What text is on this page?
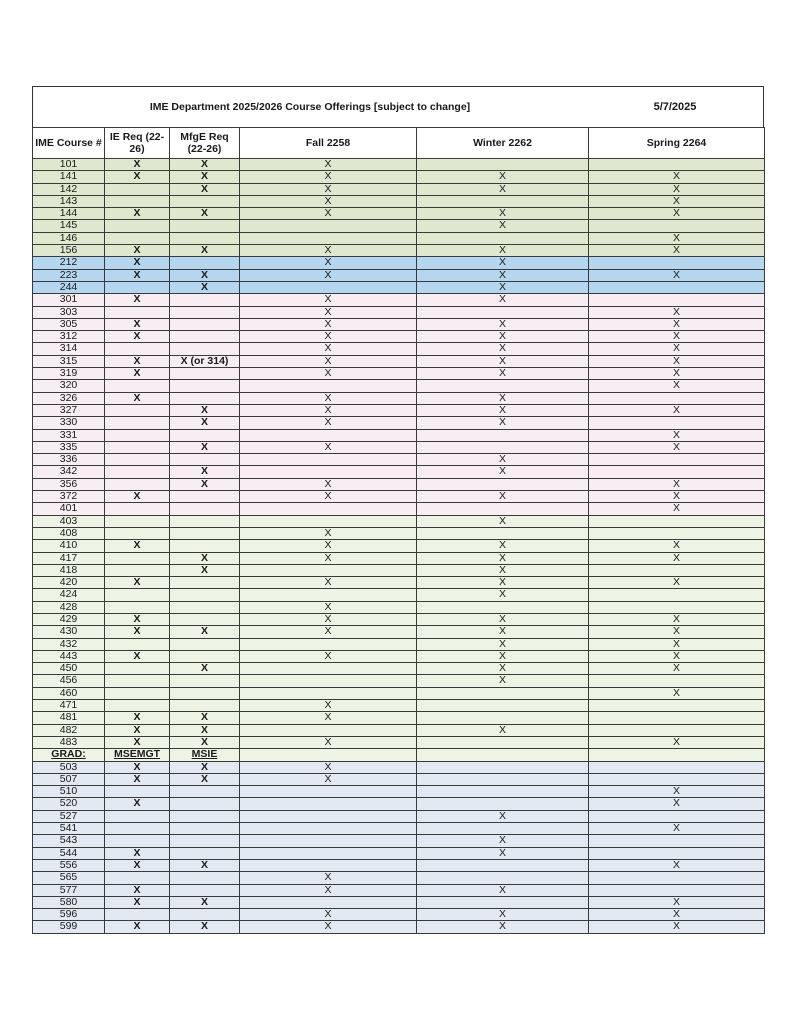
IME Department 2025/2026 Course Offerings [subject to change]	5/7/2025
IME Course #	IE Req (22-26)	MfgE Req (22-26)	Fall 2258	Winter 2262	Spring 2264
101	X	X	X		
141	X	X	X	X	X
142		X	X	X	X
143			X		X
144	X	X	X	X	X
145				X	
146					X
156	X	X	X	X	X
212	X		X	X	
223	X	X	X	X	X
244		X		X	
301	X		X	X	
303			X		X
305	X		X	X	X
312	X		X	X	X
314			X	X	X
315	X	X (or 314)	X	X	X
319	X		X	X	X
320					X
326	X		X	X	
327		X	X	X	X
330		X	X	X	
331					X
335		X	X		X
336				X	
342		X		X	
356		X	X		X
372	X		X	X	X
401					X
403				X	
408			X		
410	X		X	X	X
417		X	X	X	X
418		X		X	
420	X		X	X	X
424				X	
428			X		
429	X		X	X	X
430	X	X	X	X	X
432				X	X
443	X		X	X	X
450		X		X	X
456				X	
460					X
471			X		
481	X	X	X		
482	X	X		X	
483	X	X	X		X
GRAD:	MSEMGT	MSIE			
503	X	X	X		
507	X	X	X		
510					X
520	X				X
527				X	
541					X
543				X	
544	X			X	
556	X	X			X
565			X		
577	X		X	X	
580	X	X			X
596			X	X	X
599	X	X	X	X	X
